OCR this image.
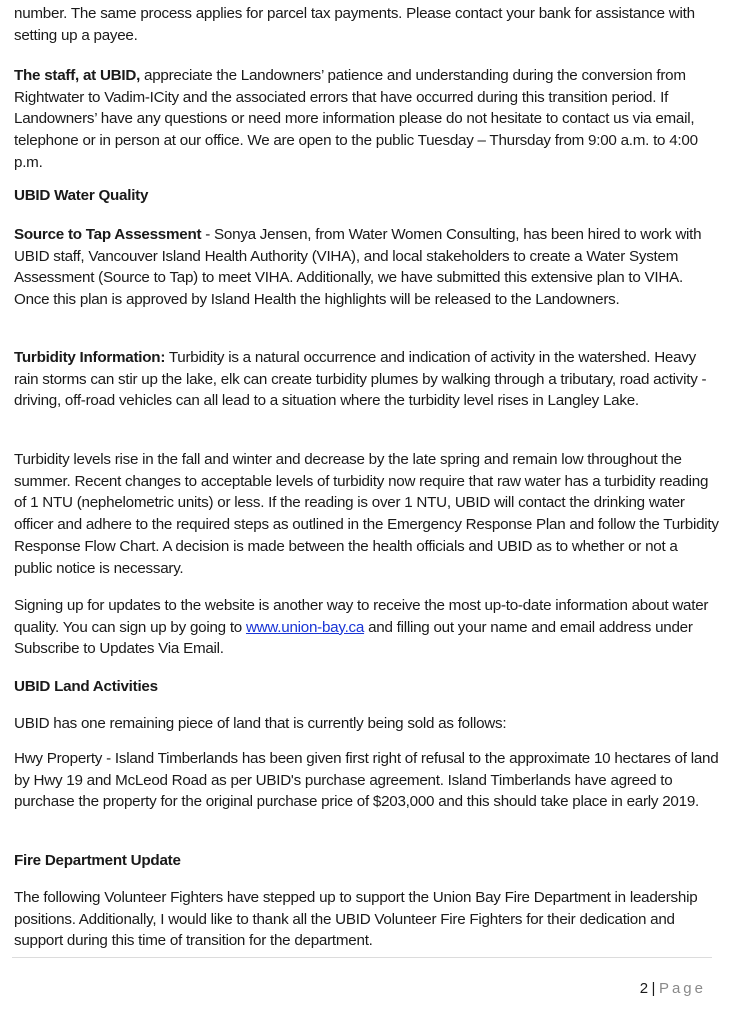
number. The same process applies for parcel tax payments. Please contact your bank for assistance with setting up a payee.

The staff, at UBID, appreciate the Landowners’ patience and understanding during the conversion from Rightwater to Vadim-ICity and the associated errors that have occurred during this transition period. If Landowners’ have any questions or need more information please do not hesitate to contact us via email, telephone or in person at our office. We are open to the public Tuesday – Thursday from 9:00 a.m. to 4:00 p.m.

UBID Water Quality

Source to Tap Assessment - Sonya Jensen, from Water Women Consulting, has been hired to work with UBID staff, Vancouver Island Health Authority (VIHA), and local stakeholders to create a Water System Assessment (Source to Tap) to meet VIHA. Additionally, we have submitted this extensive plan to VIHA. Once this plan is approved by Island Health the highlights will be released to the Landowners.

Turbidity Information: Turbidity is a natural occurrence and indication of activity in the watershed. Heavy rain storms can stir up the lake, elk can create turbidity plumes by walking through a tributary, road activity - driving, off-road vehicles can all lead to a situation where the turbidity level rises in Langley Lake.

Turbidity levels rise in the fall and winter and decrease by the late spring and remain low throughout the summer. Recent changes to acceptable levels of turbidity now require that raw water has a turbidity reading of 1 NTU (nephelometric units) or less. If the reading is over 1 NTU, UBID will contact the drinking water officer and adhere to the required steps as outlined in the Emergency Response Plan and follow the Turbidity Response Flow Chart. A decision is made between the health officials and UBID as to whether or not a public notice is necessary.

Signing up for updates to the website is another way to receive the most up-to-date information about water quality. You can sign up by going to www.union-bay.ca and filling out your name and email address under Subscribe to Updates Via Email.

UBID Land Activities

UBID has one remaining piece of land that is currently being sold as follows:

Hwy Property - Island Timberlands has been given first right of refusal to the approximate 10 hectares of land by Hwy 19 and McLeod Road as per UBID's purchase agreement. Island Timberlands have agreed to purchase the property for the original purchase price of $203,000 and this should take place in early 2019.

Fire Department Update

The following Volunteer Fighters have stepped up to support the Union Bay Fire Department in leadership positions. Additionally, I would like to thank all the UBID Volunteer Fire Fighters for their dedication and support during this time of transition for the department.

2 | Page
